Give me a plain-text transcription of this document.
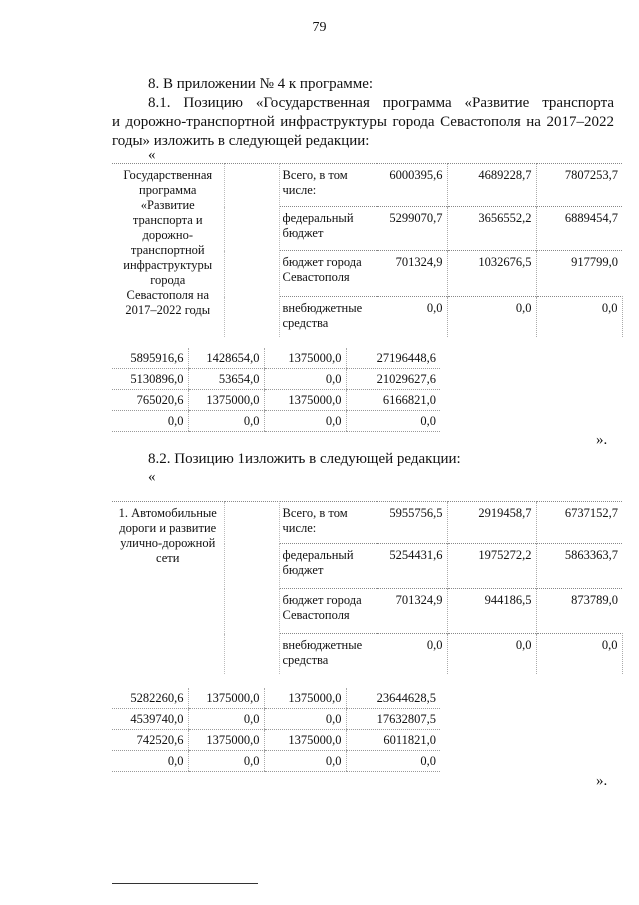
79
8. В приложении № 4 к программе:
8.1. Позицию «Государственная программа «Развитие транспорта
и дорожно-транспортной инфраструктуры города Севастополя на 2017–2022
годы» изложить в следующей редакции:
«
Государственная программа «Развитие транспорта и дорожно-транспортной инфраструктуры города Севастополя на 2017–2022 годы		Всего, в том числе:	6000395,6	4689228,7	7807253,7
		федеральный бюджет	5299070,7	3656552,2	6889454,7
		бюджет города Севастополя	701324,9	1032676,5	917799,0
		внебюджетные средства	0,0	0,0	0,0
5895916,6	1428654,0	1375000,0	27196448,6
5130896,0	53654,0	0,0	21029627,6
765020,6	1375000,0	1375000,0	6166821,0
0,0	0,0	0,0	0,0
».
8.2. Позицию 1изложить в следующей редакции:
«
1. Автомобильные дороги и развитие улично-дорожной сети		Всего, в том числе:	5955756,5	2919458,7	6737152,7
		федеральный бюджет	5254431,6	1975272,2	5863363,7
		бюджет города Севастополя	701324,9	944186,5	873789,0
		внебюджетные средства	0,0	0,0	0,0
5282260,6	1375000,0	1375000,0	23644628,5
4539740,0	0,0	0,0	17632807,5
742520,6	1375000,0	1375000,0	6011821,0
0,0	0,0	0,0	0,0
».
